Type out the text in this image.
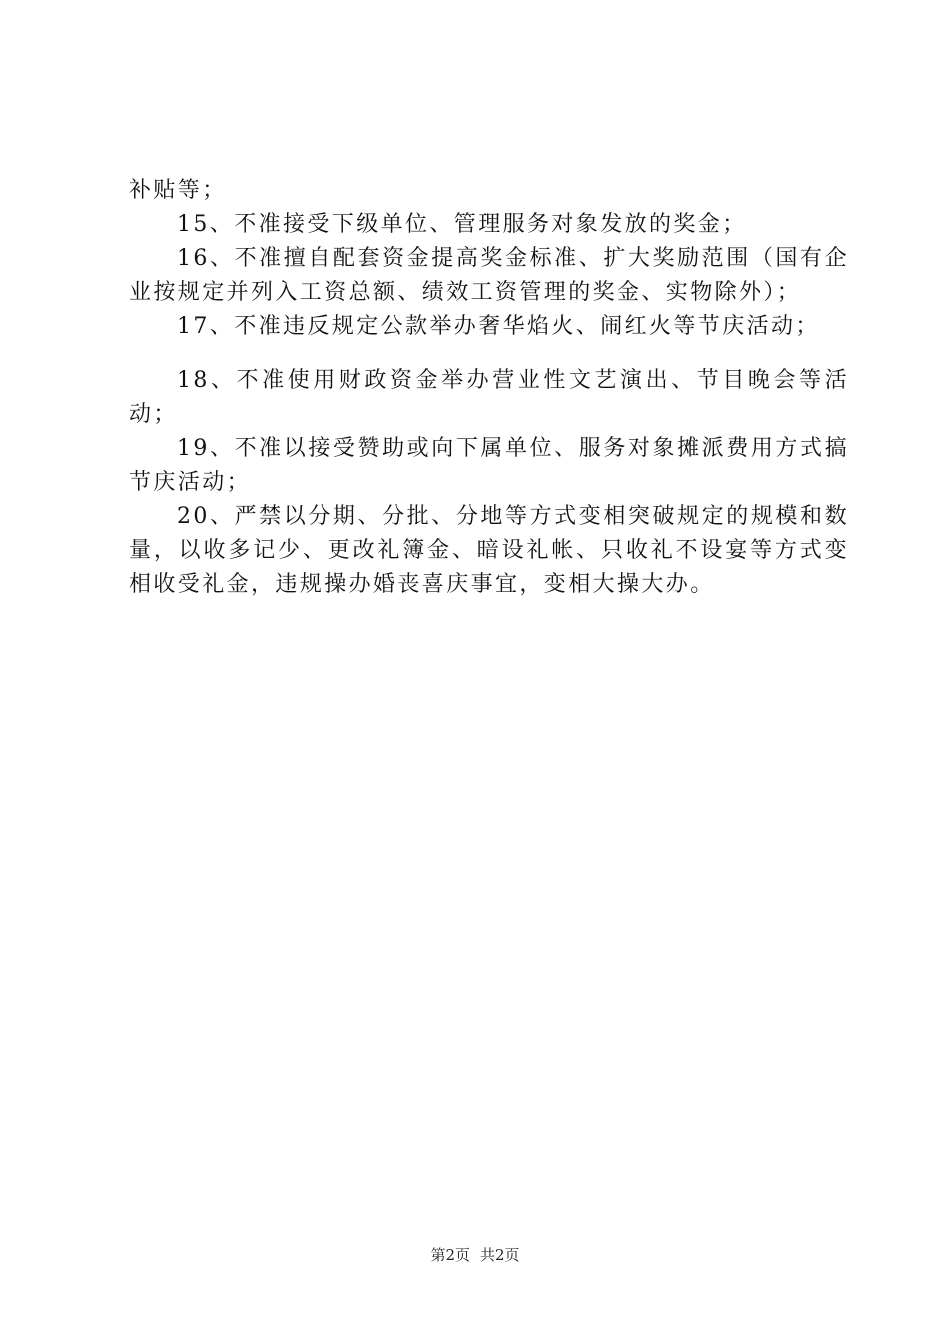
补贴等；

15、不准接受下级单位、管理服务对象发放的奖金；

16、不准擅自配套资金提高奖金标准、扩大奖励范围（国有企业按规定并列入工资总额、绩效工资管理的奖金、实物除外）；

17、不准违反规定公款举办奢华焰火、闹红火等节庆活动；

18、不准使用财政资金举办营业性文艺演出、节目晚会等活动；

19、不准以接受赞助或向下属单位、服务对象摊派费用方式搞节庆活动；

20、严禁以分期、分批、分地等方式变相突破规定的规模和数量，以收多记少、更改礼簿金、暗设礼帐、只收礼不设宴等方式变相收受礼金，违规操办婚丧喜庆事宜，变相大操大办。

第2页 共2页
